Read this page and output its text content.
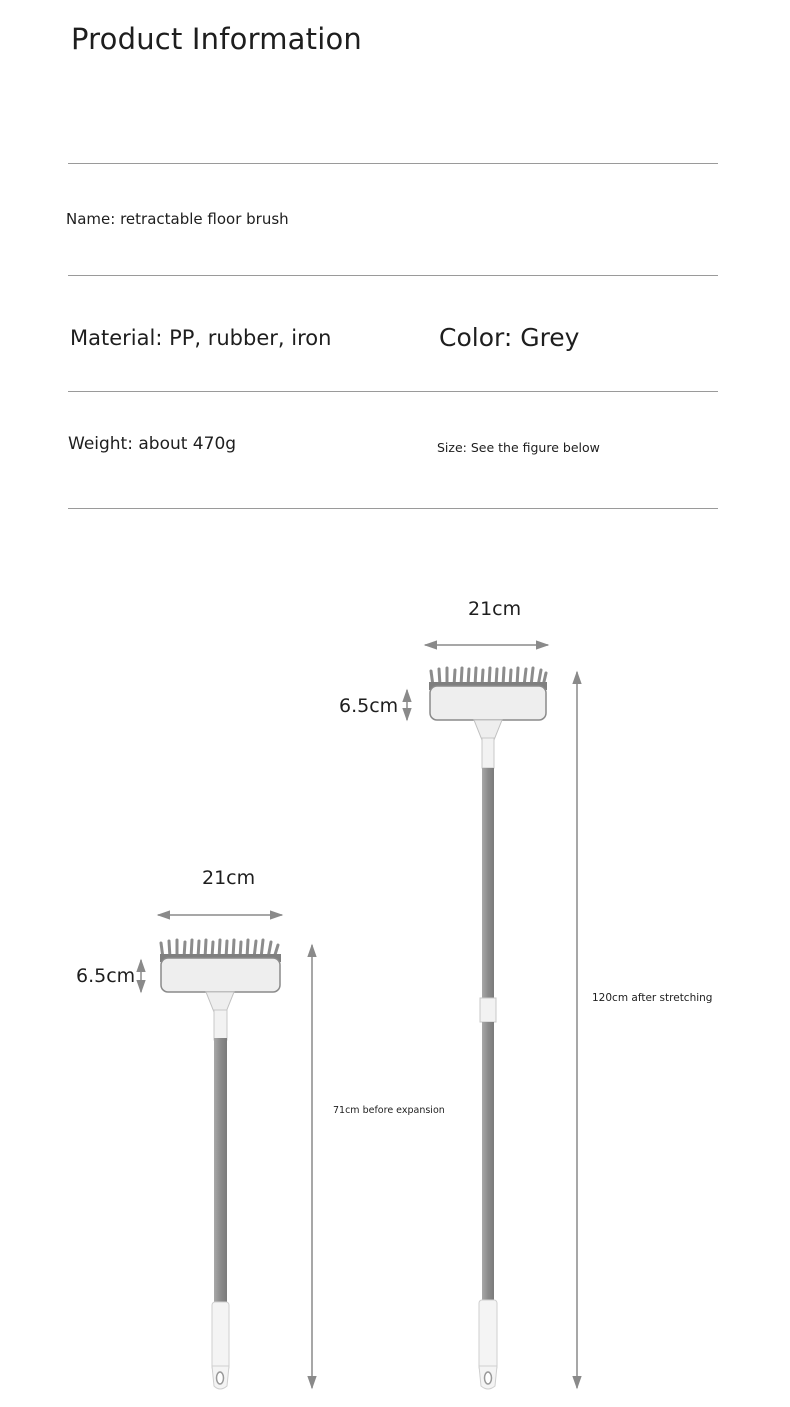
Product Information
Name: retractable floor brush
Material: PP, rubber, iron	Color: Grey
Weight: about 470g	Size: See the figure below
21cm
6.5cm
120cm after stretching
21cm
6.5cm
71cm before expansion
